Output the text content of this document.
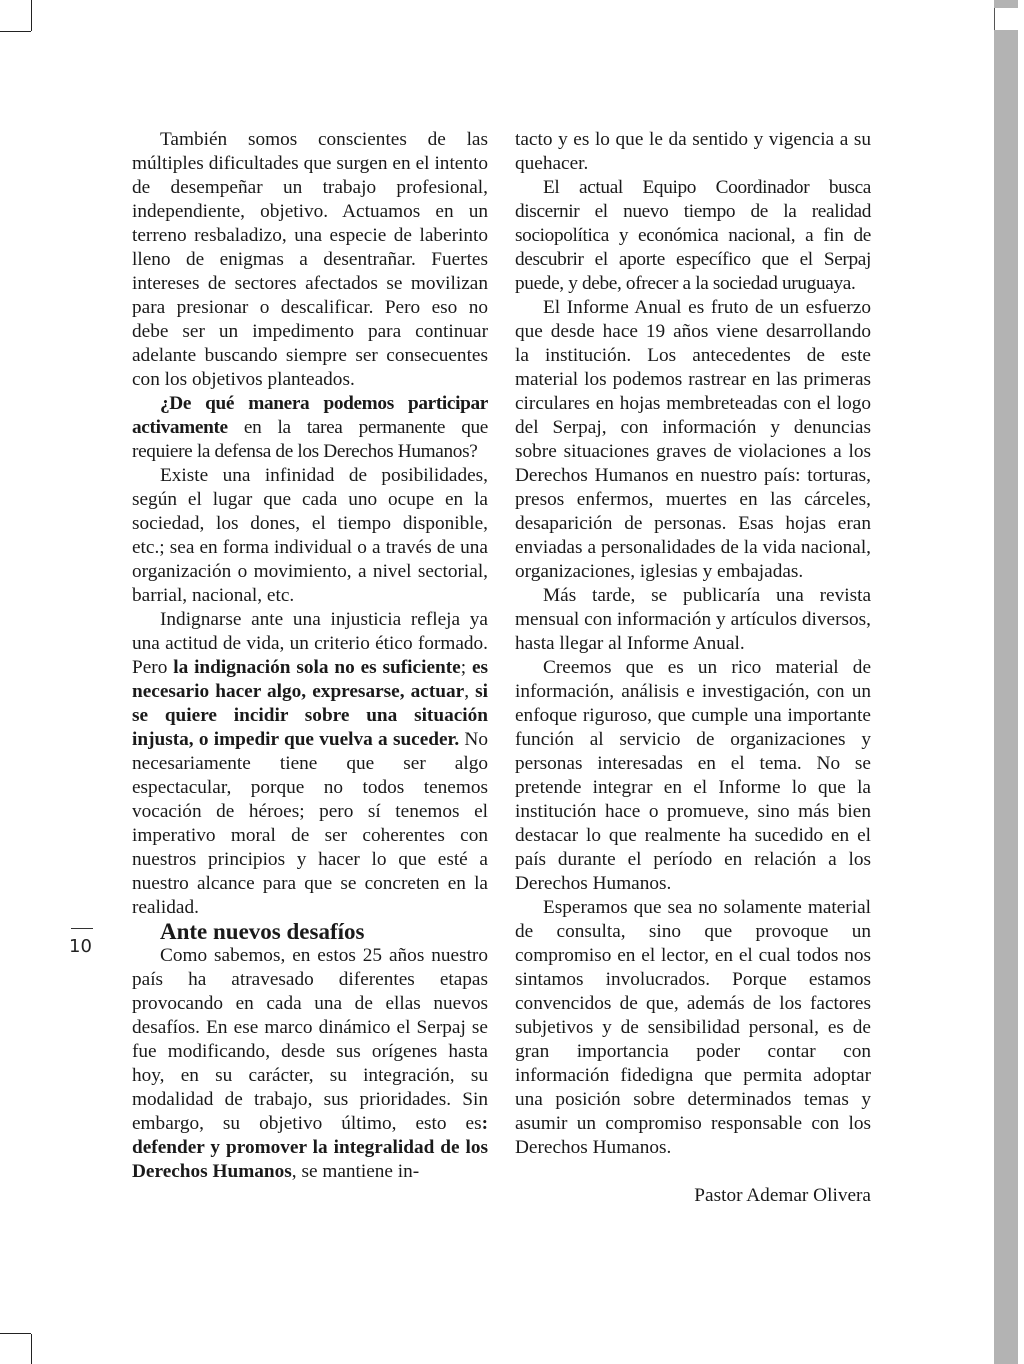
10

También somos conscientes de las múltiples dificultades que surgen en el intento de desempeñar un trabajo profesional, independiente, objetivo. Actuamos en un terreno resbaladizo, una especie de laberinto lleno de enigmas a desentrañar. Fuertes intereses de sectores afectados se movilizan para presionar o descalificar. Pero eso no debe ser un impedimento para continuar adelante buscando siempre ser consecuentes con los objetivos planteados.

¿De qué manera podemos participar activamente en la tarea permanente que requiere la defensa de los Derechos Humanos?

Existe una infinidad de posibilidades, según el lugar que cada uno ocupe en la sociedad, los dones, el tiempo disponible, etc.; sea en forma individual o a través de una organización o movimiento, a nivel sectorial, barrial, nacional, etc.

Indignarse ante una injusticia refleja ya una actitud de vida, un criterio ético formado. Pero la indignación sola no es suficiente; es necesario hacer algo, expresarse, actuar, si se quiere incidir sobre una situación injusta, o impedir que vuelva a suceder. No necesariamente tiene que ser algo espectacular, porque no todos tenemos vocación de héroes; pero sí tenemos el imperativo moral de ser coherentes con nuestros principios y hacer lo que esté a nuestro alcance para que se concreten en la realidad.

Ante nuevos desafíos

Como sabemos, en estos 25 años nuestro país ha atravesado diferentes etapas provocando en cada una de ellas nuevos desafíos. En ese marco dinámico el Serpaj se fue modificando, desde sus orígenes hasta hoy, en su carácter, su integración, su modalidad de trabajo, sus prioridades. Sin embargo, su objetivo último, esto es: defender y promover la integralidad de los Derechos Humanos, se mantiene in-

tacto y es lo que le da sentido y vigencia a su quehacer.

El actual Equipo Coordinador busca discernir el nuevo tiempo de la realidad sociopolítica y económica nacional, a fin de descubrir el aporte específico que el Serpaj puede, y debe, ofrecer a la sociedad uruguaya.

El Informe Anual es fruto de un esfuerzo que desde hace 19 años viene desarrollando la institución. Los antecedentes de este material los podemos rastrear en las primeras circulares en hojas membreteadas con el logo del Serpaj, con información y denuncias sobre situaciones graves de violaciones a los Derechos Humanos en nuestro país: torturas, presos enfermos, muertes en las cárceles, desaparición de personas. Esas hojas eran enviadas a personalidades de la vida nacional, organizaciones, iglesias y embajadas.

Más tarde, se publicaría una revista mensual con información y artículos diversos, hasta llegar al Informe Anual.

Creemos que es un rico material de información, análisis e investigación, con un enfoque riguroso, que cumple una importante función al servicio de organizaciones y personas interesadas en el tema. No se pretende integrar en el Informe lo que la institución hace o promueve, sino más bien destacar lo que realmente ha sucedido en el país durante el período en relación a los Derechos Humanos.

Esperamos que sea no solamente material de consulta, sino que provoque un compromiso en el lector, en el cual todos nos sintamos involucrados. Porque estamos convencidos de que, además de los factores subjetivos y de sensibilidad personal, es de gran importancia poder contar con información fidedigna que permita adoptar una posición sobre determinados temas y asumir un compromiso responsable con los Derechos Humanos.

Pastor Ademar Olivera
